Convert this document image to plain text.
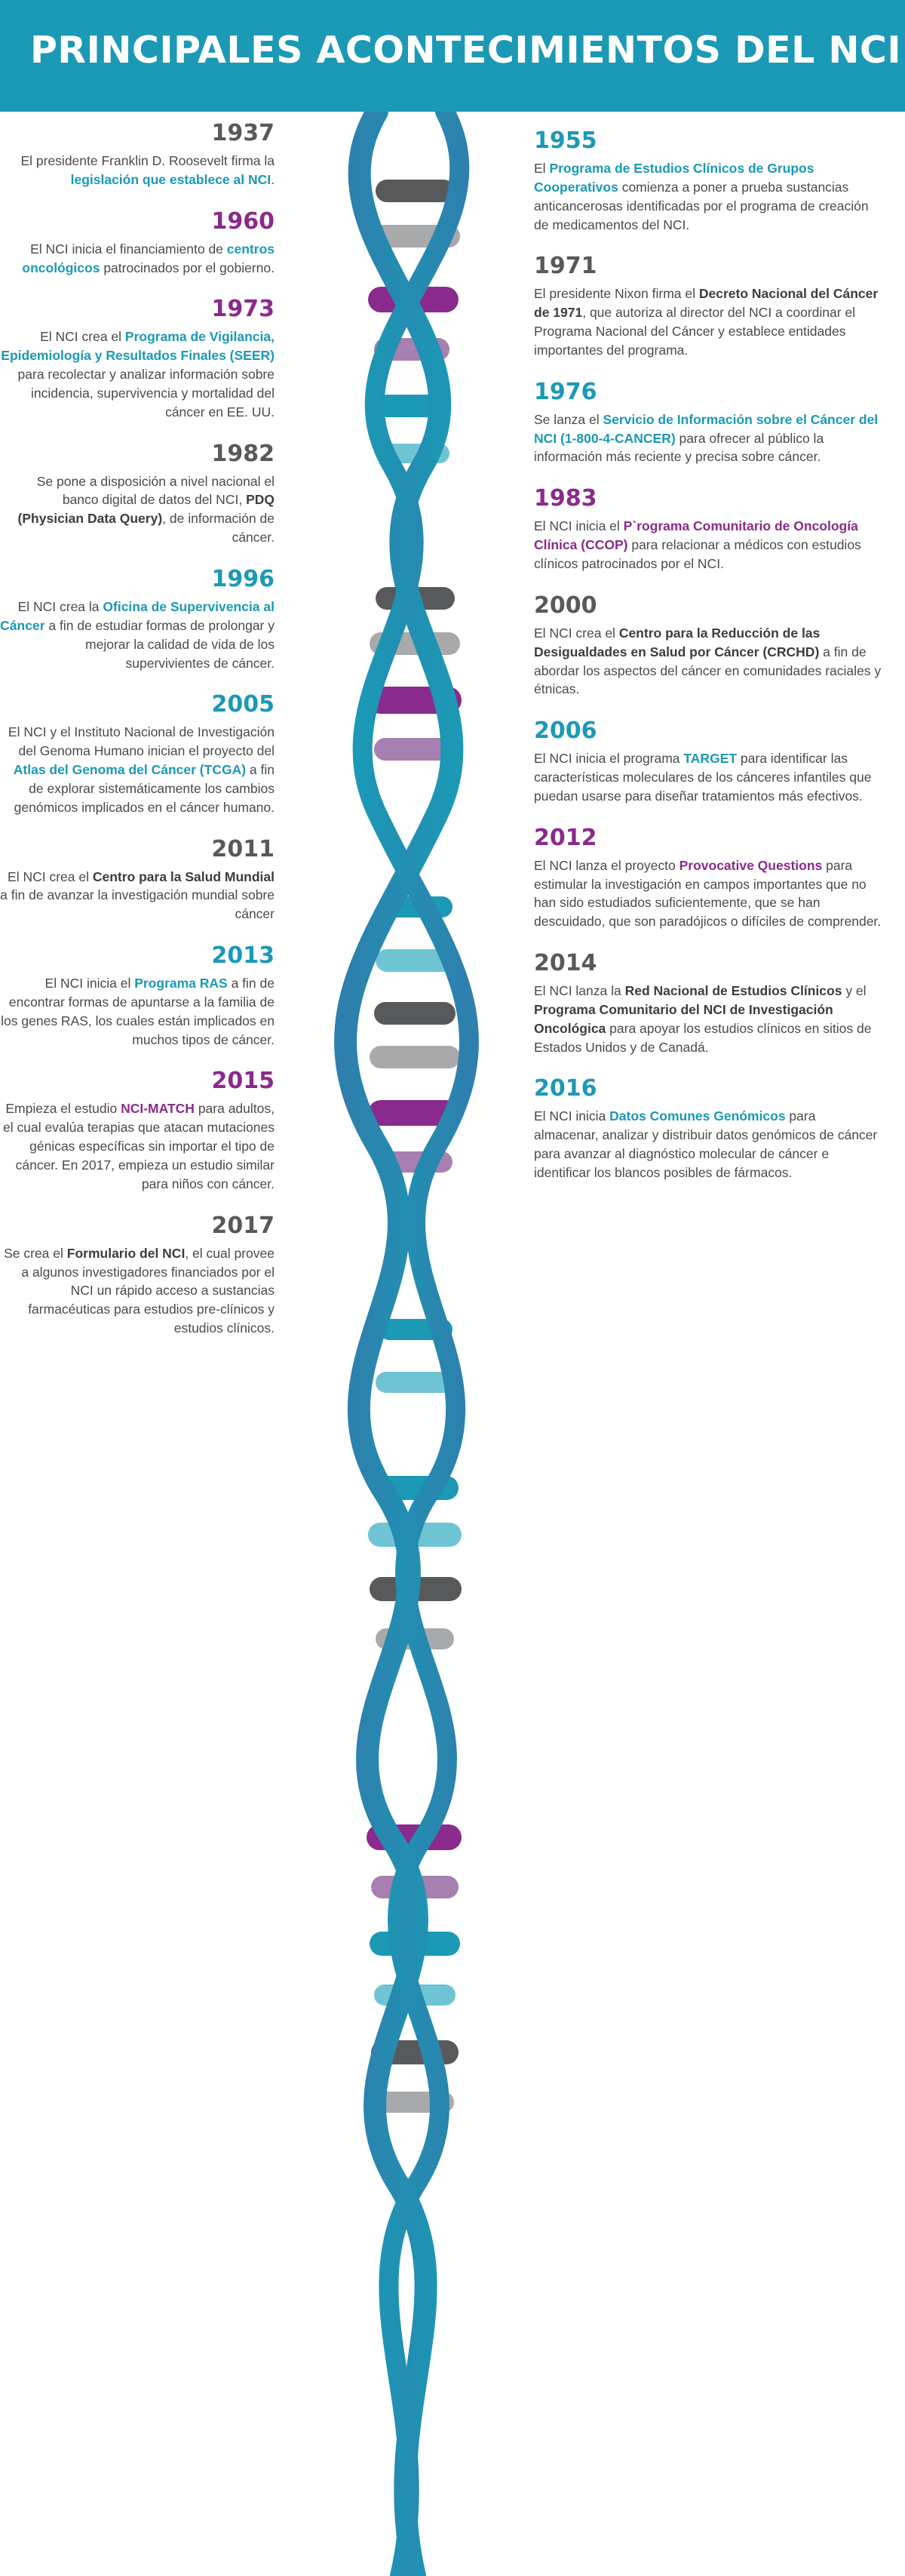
PRINCIPALES ACONTECIMIENTOS DEL NCI
1937
El presidente Franklin D. Roosevelt firma la legislación que establece al NCI.
1960
El NCI inicia el financiamiento de centros oncológicos patrocinados por el gobierno.
1973
El NCI crea el Programa de Vigilancia, Epidemiología y Resultados Finales (SEER) para recolectar y analizar información sobre incidencia, supervivencia y mortalidad del cáncer en EE. UU.
1982
Se pone a disposición a nivel nacional el banco digital de datos del NCI, PDQ (Physician Data Query), de información de cáncer.
1996
El NCI crea la Oficina de Supervivencia al Cáncer a fin de estudiar formas de prolongar y mejorar la calidad de vida de los supervivientes de cáncer.
2005
El NCI y el Instituto Nacional de Investigación del Genoma Humano inician el proyecto del Atlas del Genoma del Cáncer (TCGA) a fin de explorar sistemáticamente los cambios genómicos implicados en el cáncer humano.
2011
El NCI crea el Centro para la Salud Mundial a fin de avanzar la investigación mundial sobre cáncer
2013
El NCI inicia el Programa RAS a fin de encontrar formas de apuntarse a la familia de los genes RAS, los cuales están implicados en muchos tipos de cáncer.
2015
Empieza el estudio NCI-MATCH para adultos, el cual evalúa terapias que atacan mutaciones génicas específicas sin importar el tipo de cáncer. En 2017, empieza un estudio similar para niños con cáncer.
2017
Se crea el Formulario del NCI, el cual provee a algunos investigadores financiados por el NCI un rápido acceso a sustancias farmacéuticas para estudios pre-clínicos y estudios clínicos.
1955
El Programa de Estudios Clínicos de Grupos Cooperativos comienza a poner a prueba sustancias anticancerosas identificadas por el programa de creación de medicamentos del NCI.
1971
El presidente Nixon firma el Decreto Nacional del Cáncer de 1971, que autoriza al director del NCI a coordinar el Programa Nacional del Cáncer y establece entidades importantes del programa.
1976
Se lanza el Servicio de Información sobre el Cáncer del NCI (1-800-4-CANCER) para ofrecer al público la información más reciente y precisa sobre cáncer.
1983
El NCI inicia el P`rograma Comunitario de Oncología Clínica (CCOP) para relacionar a médicos con estudios clínicos patrocinados por el NCI.
2000
El NCI crea el Centro para la Reducción de las Desigualdades en Salud por Cáncer (CRCHD) a fin de abordar los aspectos del cáncer en comunidades raciales y étnicas.
2006
El NCI inicia el programa TARGET para identificar las características moleculares de los cánceres infantiles que puedan usarse para diseñar tratamientos más efectivos.
2012
El NCI lanza el proyecto Provocative Questions para estimular la investigación en campos importantes que no han sido estudiados suficientemente, que se han descuidado, que son paradójicos o difíciles de comprender.
2014
El NCI lanza la Red Nacional de Estudios Clínicos y el Programa Comunitario del NCI de Investigación Oncológica para apoyar los estudios clínicos en sitios de Estados Unidos y de Canadá.
2016
El NCI inicia Datos Comunes Genómicos para almacenar, analizar y distribuir datos genómicos de cáncer para avanzar al diagnóstico molecular de cáncer e identificar los blancos posibles de fármacos.
